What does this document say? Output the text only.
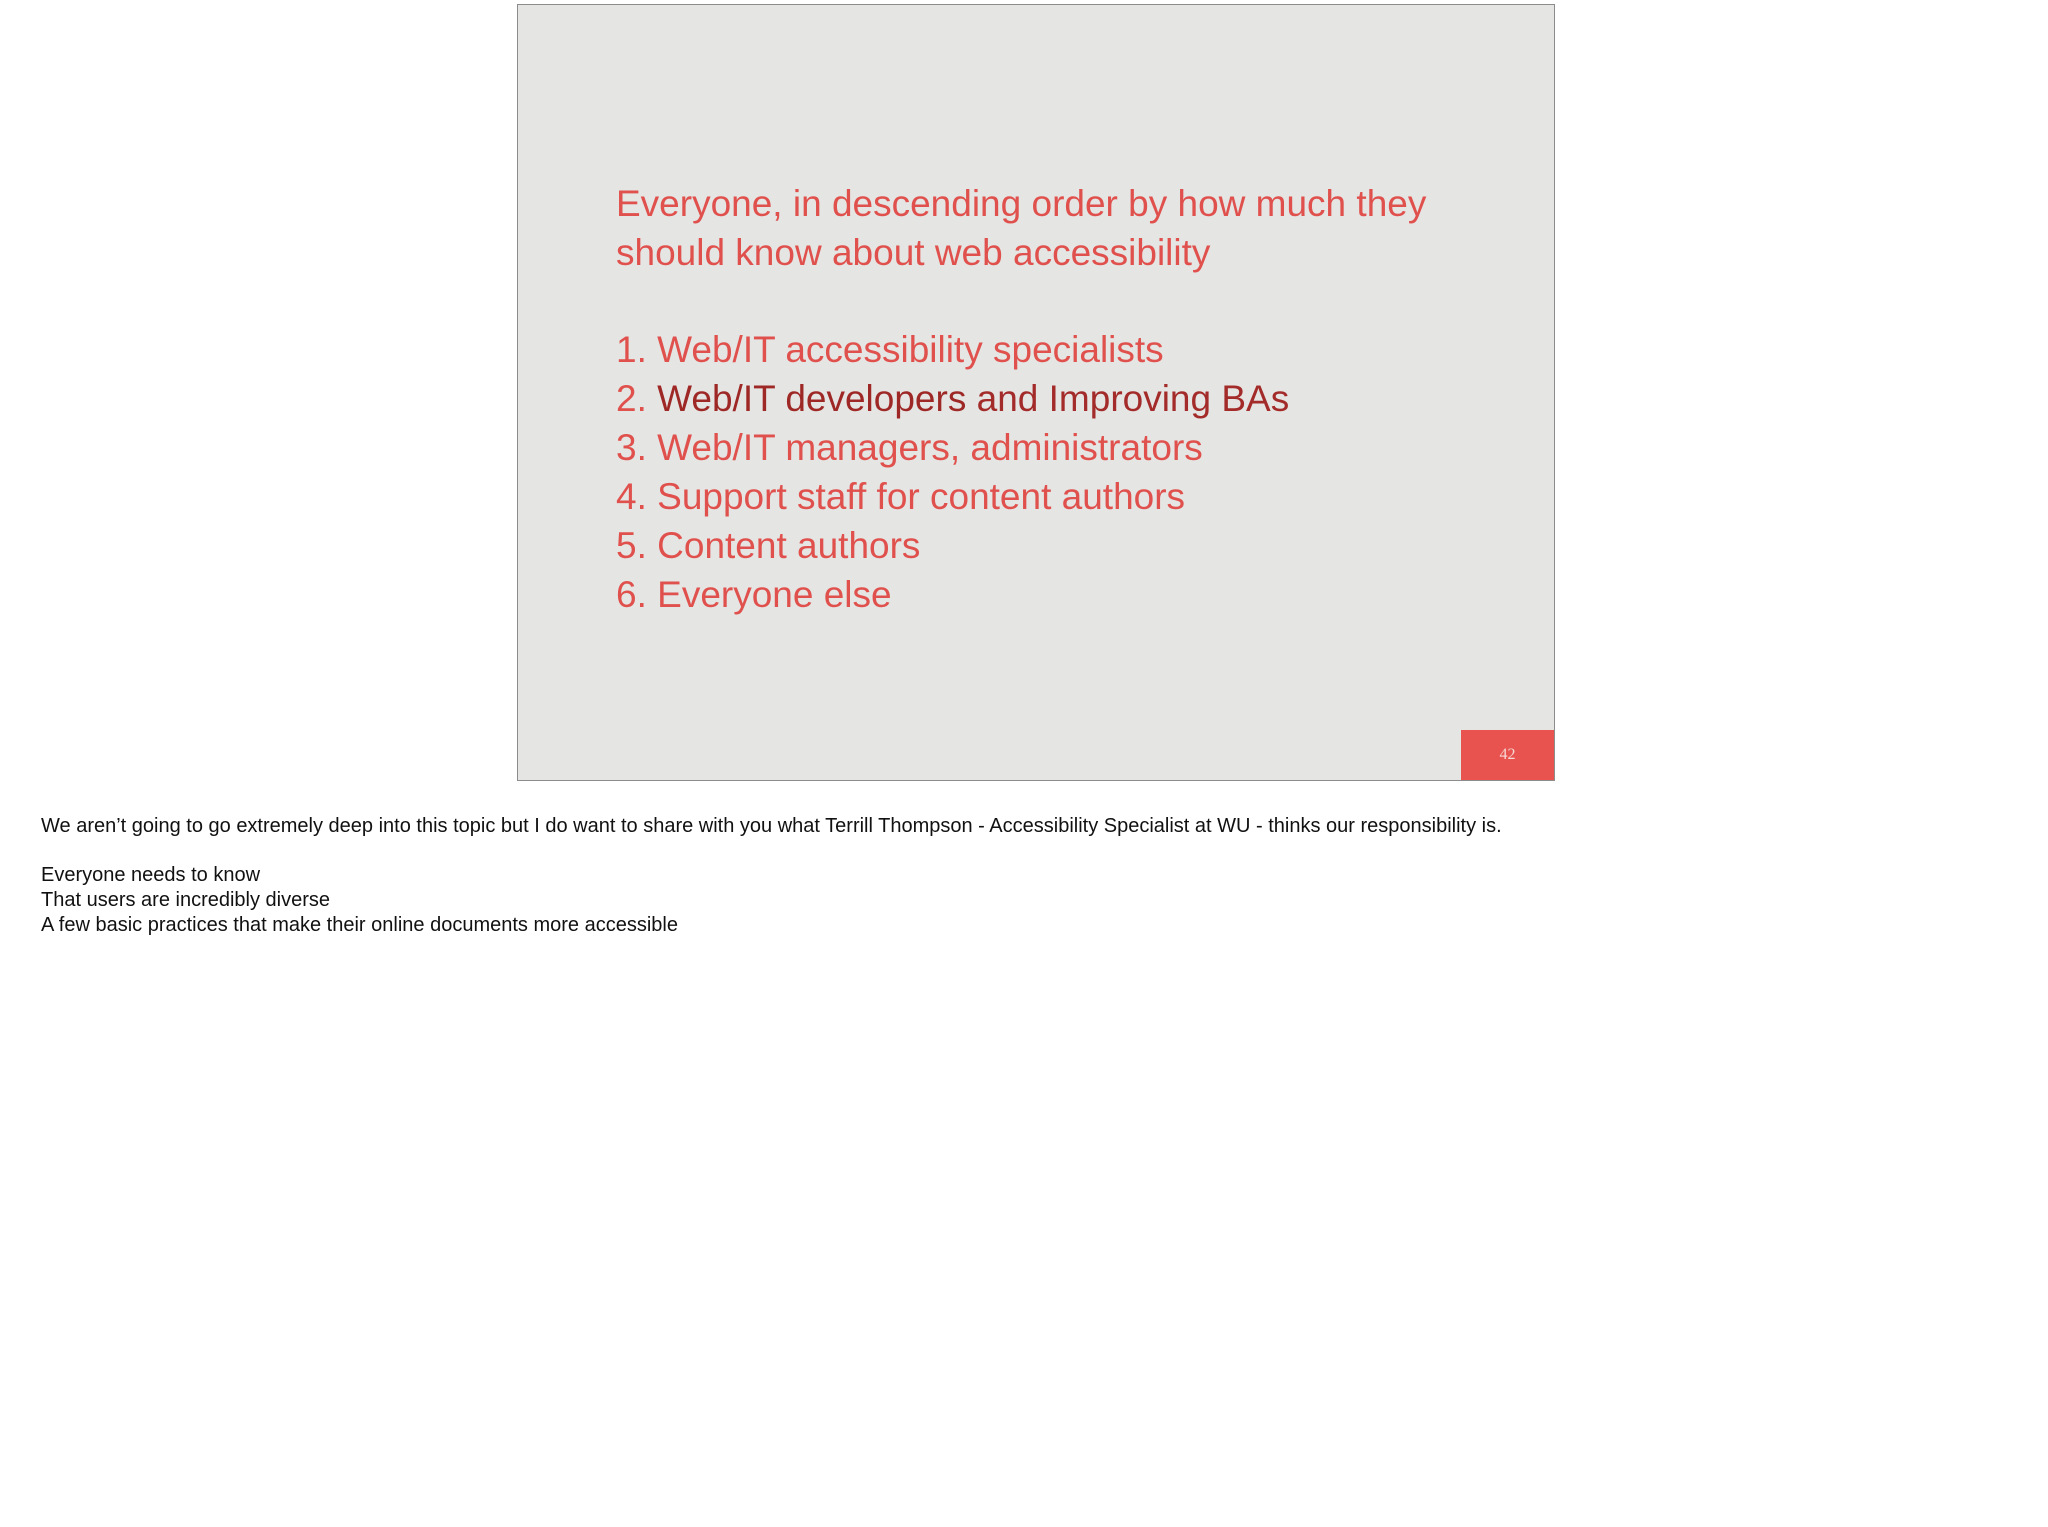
Everyone, in descending order by how much they
should know about web accessibility
1. Web/IT accessibility specialists
2. Web/IT developers and Improving BAs
3. Web/IT managers, administrators
4. Support staff for content authors
5. Content authors
6. Everyone else
42

We aren’t going to go extremely deep into this topic but I do want to share with you what Terrill Thompson - Accessibility Specialist at WU - thinks our responsibility is.

Everyone needs to know

That users are incredibly diverse

A few basic practices that make their online documents more accessible
